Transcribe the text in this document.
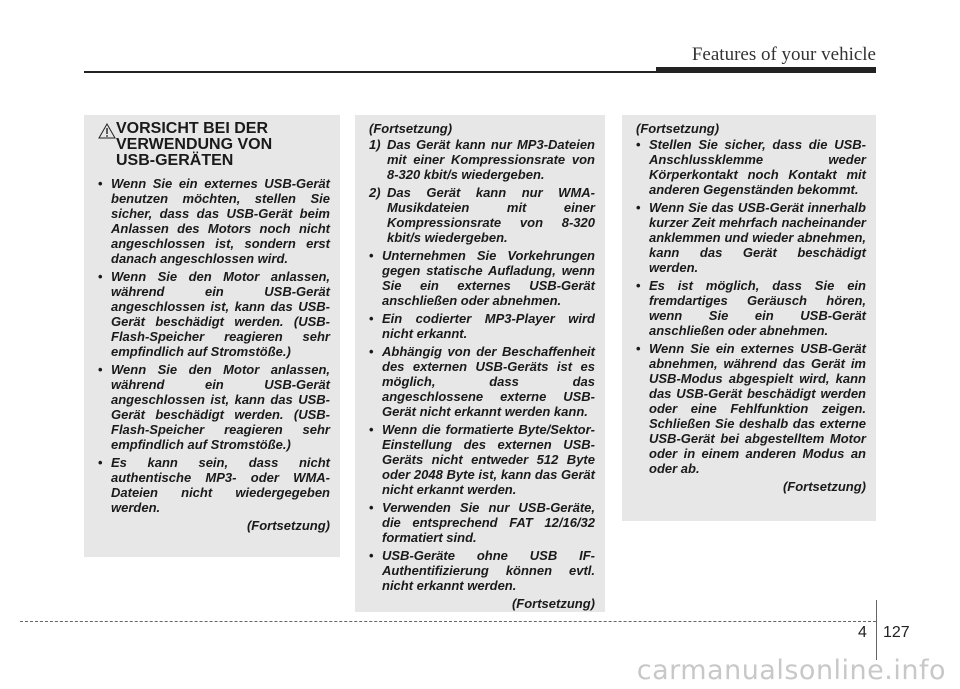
Features of your vehicle
VORSICHT BEI DER
VERWENDUNG VON
USB-GERÄTEN
• Wenn Sie ein externes USB-Gerät benutzen möchten, stellen Sie sicher, dass das USB-Gerät beim Anlassen des Motors noch nicht angeschlossen ist, sondern erst danach angeschlossen wird.
• Wenn Sie den Motor anlassen, während ein USB-Gerät angeschlossen ist, kann das USB-Gerät beschädigt werden. (USB-Flash-Speicher reagieren sehr empfindlich auf Stromstöße.)
• Wenn Sie den Motor anlassen, während ein USB-Gerät angeschlossen ist, kann das USB-Gerät beschädigt werden. (USB-Flash-Speicher reagieren sehr empfindlich auf Stromstöße.)
• Es kann sein, dass nicht authentische MP3- oder WMA-Dateien nicht wiedergegeben werden.
(Fortsetzung)
(Fortsetzung)
1) Das Gerät kann nur MP3-Dateien mit einer Kompressionsrate von 8-320 kbit/s wiedergeben.
2) Das Gerät kann nur WMA-Musikdateien mit einer Kompressionsrate von 8-320 kbit/s wiedergeben.
• Unternehmen Sie Vorkehrungen gegen statische Aufladung, wenn Sie ein externes USB-Gerät anschließen oder abnehmen.
• Ein codierter MP3-Player wird nicht erkannt.
• Abhängig von der Beschaffenheit des externen USB-Geräts ist es möglich, dass das angeschlossene externe USB-Gerät nicht erkannt werden kann.
• Wenn die formatierte Byte/Sektor-Einstellung des externen USB-Geräts nicht entweder 512 Byte oder 2048 Byte ist, kann das Gerät nicht erkannt werden.
• Verwenden Sie nur USB-Geräte, die entsprechend FAT 12/16/32 formatiert sind.
• USB-Geräte ohne USB IF-Authentifizierung können evtl. nicht erkannt werden.
(Fortsetzung)
(Fortsetzung)
• Stellen Sie sicher, dass die USB-Anschlussklemme weder Körperkontakt noch Kontakt mit anderen Gegenständen bekommt.
• Wenn Sie das USB-Gerät innerhalb kurzer Zeit mehrfach nacheinander anklemmen und wieder abnehmen, kann das Gerät beschädigt werden.
• Es ist möglich, dass Sie ein fremdartiges Geräusch hören, wenn Sie ein USB-Gerät anschließen oder abnehmen.
• Wenn Sie ein externes USB-Gerät abnehmen, während das Gerät im USB-Modus abgespielt wird, kann das USB-Gerät beschädigt werden oder eine Fehlfunktion zeigen. Schließen Sie deshalb das externe USB-Gerät bei abgestelltem Motor oder in einem anderen Modus an oder ab.
(Fortsetzung)
4 127
carmanualsonline.info
